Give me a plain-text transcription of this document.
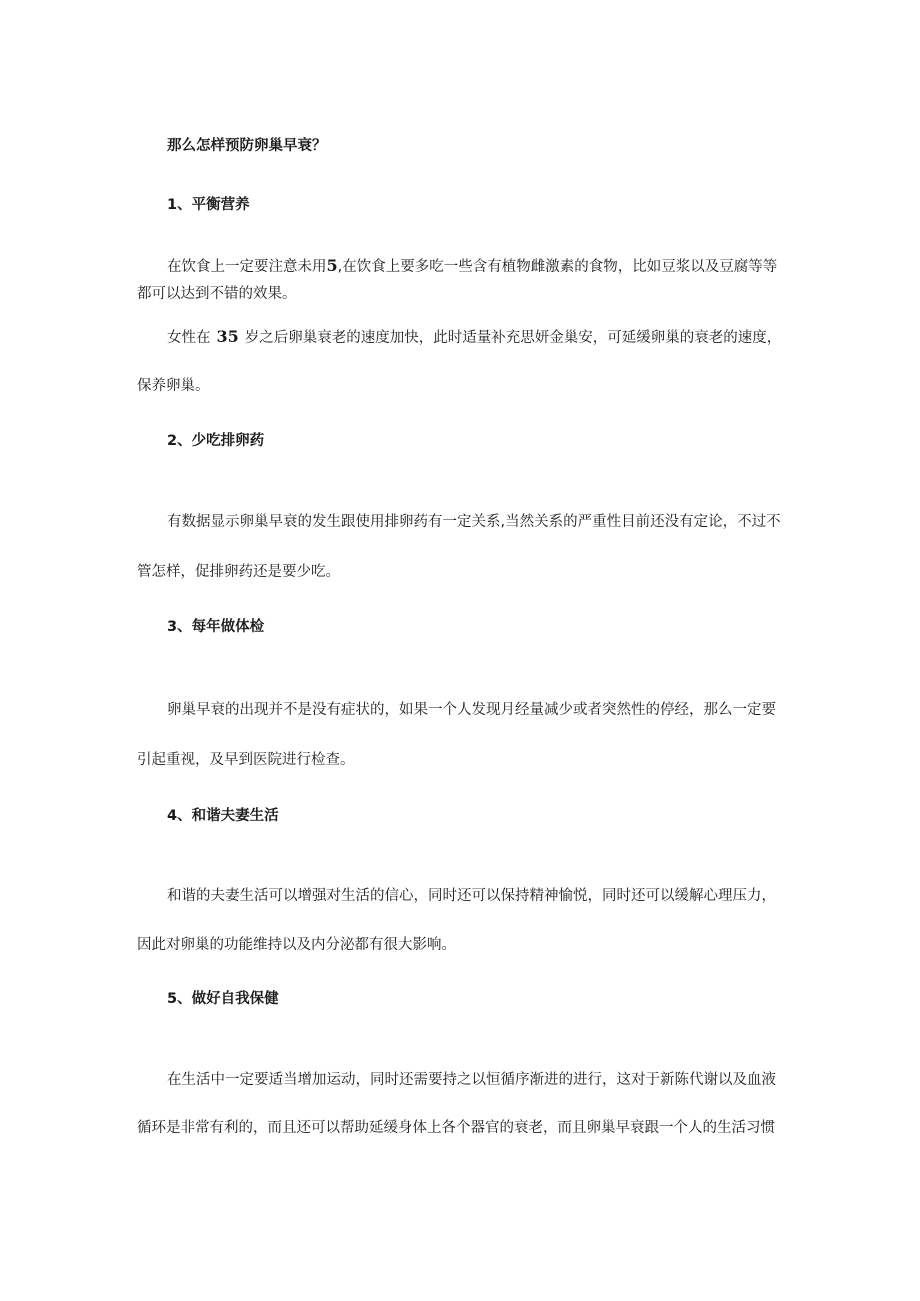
那么怎样预防卵巢早衰？
1、平衡营养
在饮食上一定要注意未用5,在饮食上要多吃一些含有植物雌激素的食物，比如豆浆以及豆腐等等
都可以达到不错的效果。
女性在 35 岁之后卵巢衰老的速度加快，此时适量补充思妍金巢安，可延缓卵巢的衰老的速度，
保养卵巢。
2、少吃排卵药
有数据显示卵巢早衰的发生跟使用排卵药有一定关系,当然关系的严重性目前还没有定论，不过不
管怎样，促排卵药还是要少吃。
3、每年做体检
卵巢早衰的出现并不是没有症状的，如果一个人发现月经量减少或者突然性的停经，那么一定要
引起重视，及早到医院进行检查。
4、和谐夫妻生活
和谐的夫妻生活可以增强对生活的信心，同时还可以保持精神愉悦，同时还可以缓解心理压力，
因此对卵巢的功能维持以及内分泌都有很大影响。
5、做好自我保健
在生活中一定要适当增加运动，同时还需要持之以恒循序渐进的进行，这对于新陈代谢以及血液
循环是非常有利的，而且还可以帮助延缓身体上各个器官的衰老，而且卵巢早衰跟一个人的生活习惯
